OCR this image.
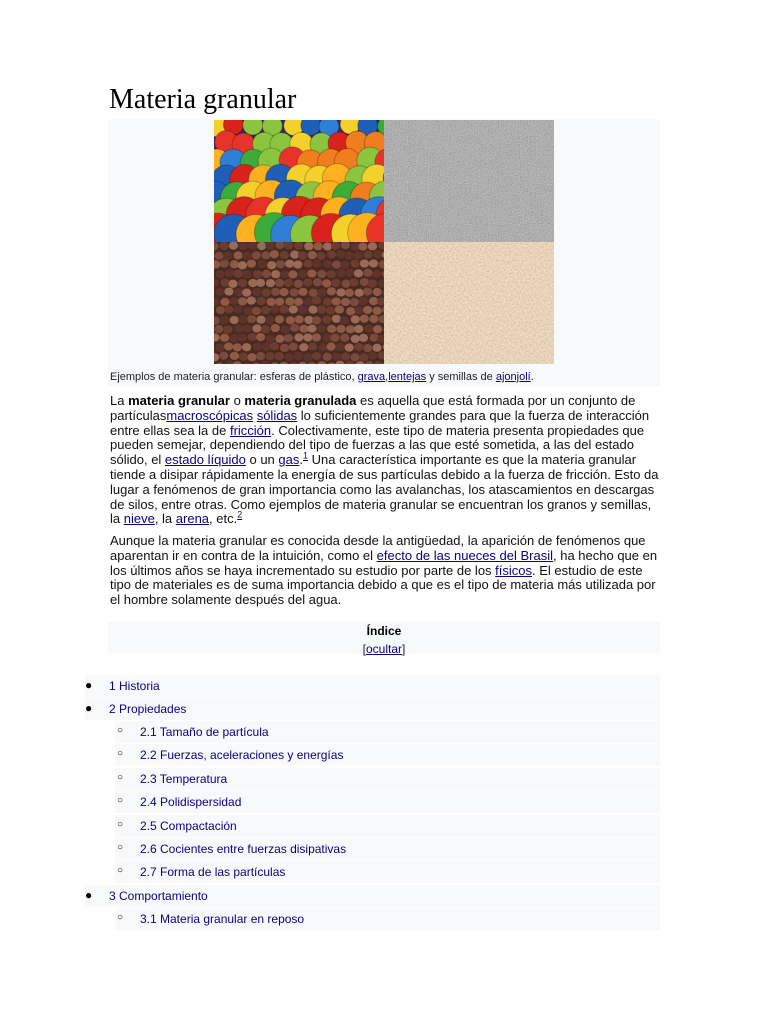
Materia granular
Ejemplos de materia granular: esferas de plástico, grava,lentejas y semillas de ajonjolí.

La materia granular o materia granulada es aquella que está formada por un conjunto de partículasmacroscópicas sólidas lo suficientemente grandes para que la fuerza de interacción entre ellas sea la de fricción. Colectivamente, este tipo de materia presenta propiedades que pueden semejar, dependiendo del tipo de fuerzas a las que esté sometida, a las del estado sólido, el estado líquido o un gas.$^1$ Una característica importante es que la materia granular tiende a disipar rápidamente la energía de sus partículas debido a la fuerza de fricción. Esto da lugar a fenómenos de gran importancia como las avalanchas, los atascamientos en descargas de silos, entre otras. Como ejemplos de materia granular se encuentran los granos y semillas, la nieve, la arena, etc.$^2$

Aunque la materia granular es conocida desde la antigüedad, la aparición de fenómenos que aparentan ir en contra de la intuición, como el efecto de las nueces del Brasil, ha hecho que en los últimos años se haya incrementado su estudio por parte de los físicos. El estudio de este tipo de materiales es de suma importancia debido a que es el tipo de materia más utilizada por el hombre solamente después del agua.

Índice
[ocultar]
● 1 Historia
● 2 Propiedades
○ 2.1 Tamaño de partícula
○ 2.2 Fuerzas, aceleraciones y energías
○ 2.3 Temperatura
○ 2.4 Polidispersidad
○ 2.5 Compactación
○ 2.6 Cocientes entre fuerzas disipativas
○ 2.7 Forma de las partículas
● 3 Comportamiento
○ 3.1 Materia granular en reposo
